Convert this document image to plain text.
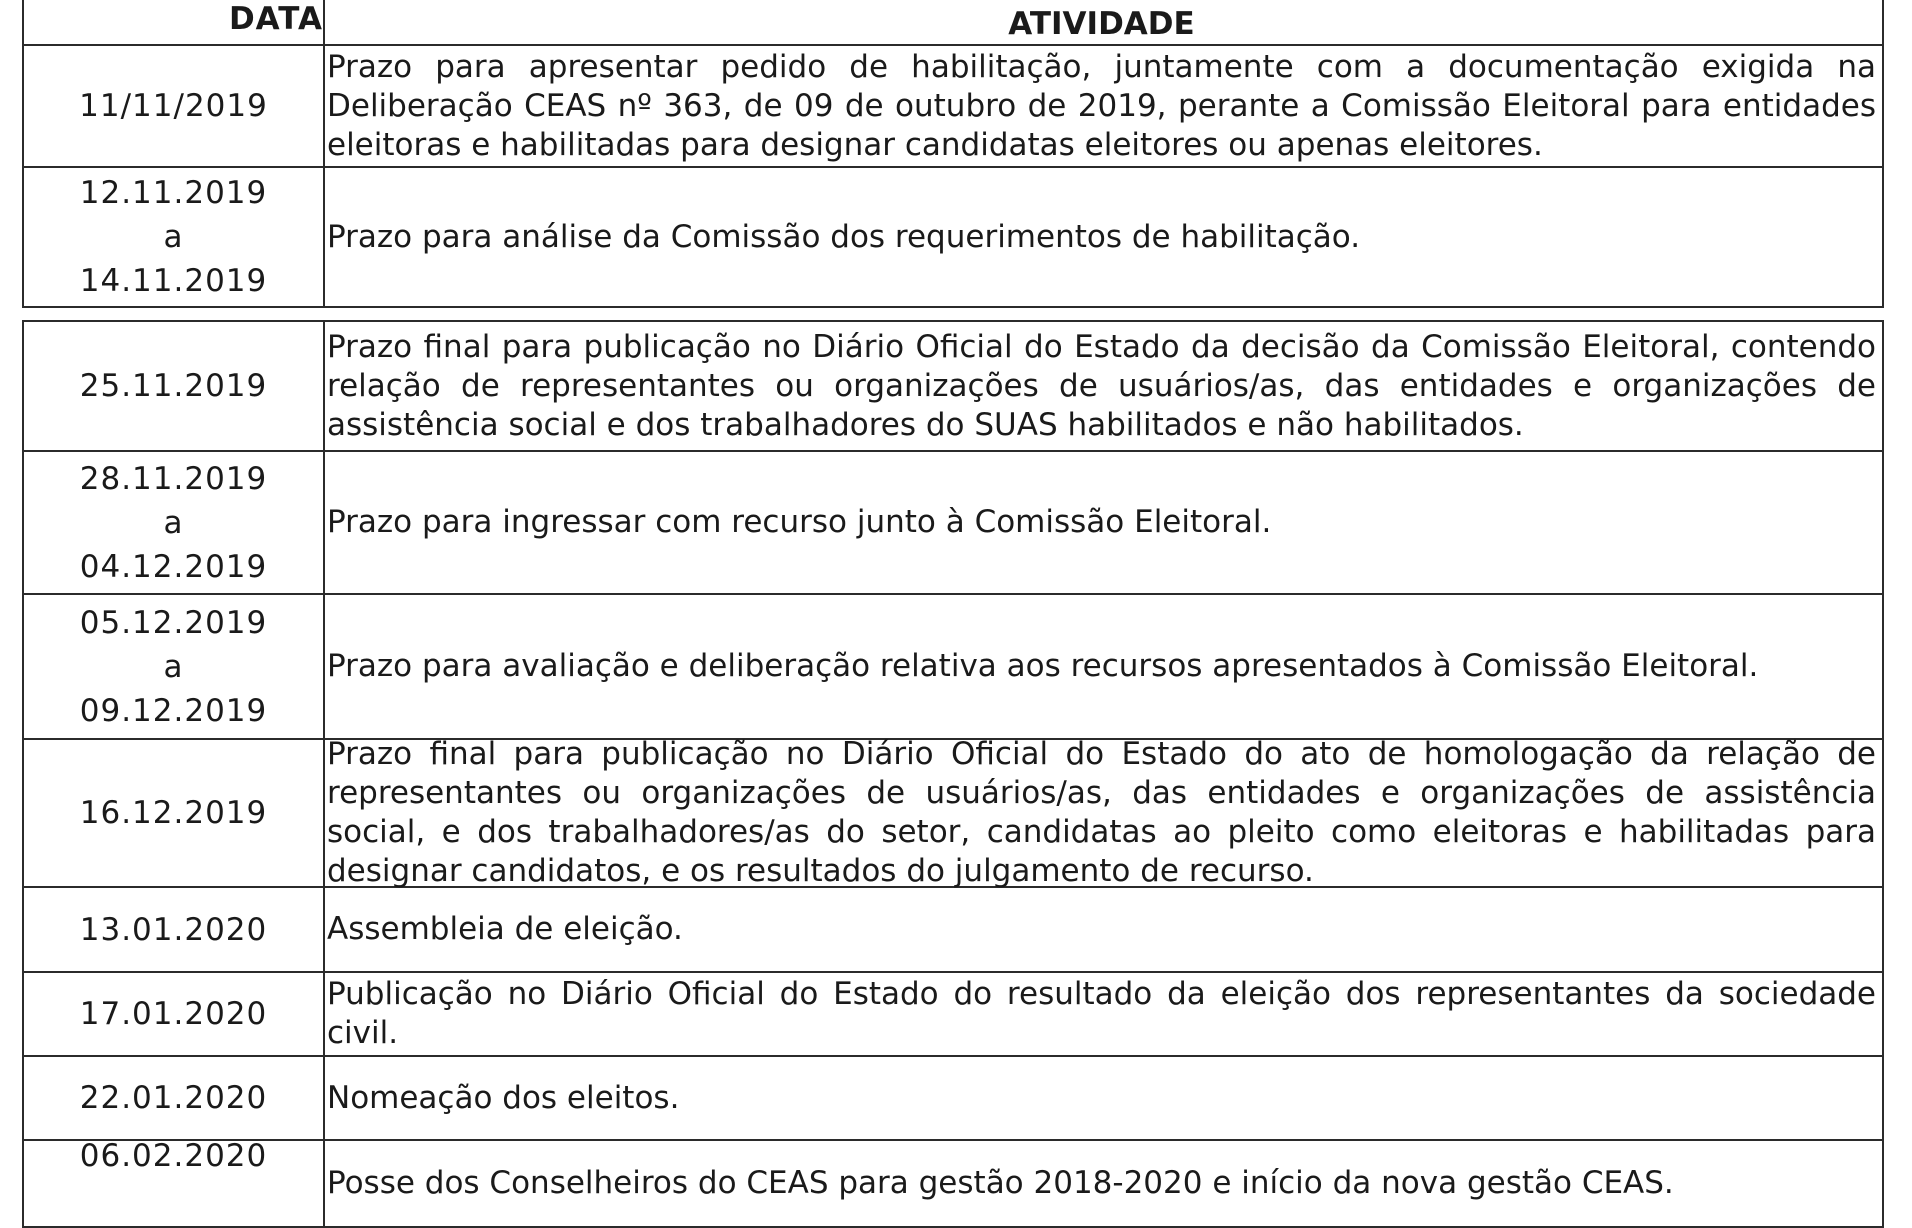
DATA	ATIVIDADE
11/11/2019
Prazo para apresentar pedido de habilitação, juntamente com a documentação exigida na Deliberação CEAS nº 363, de 09 de outubro de 2019, perante a Comissão Eleitoral para entidades eleitoras e habilitadas para designar candidatas eleitores ou apenas eleitores.
12.11.2019
a
14.11.2019
Prazo para análise da Comissão dos requerimentos de habilitação.
25.11.2019
Prazo final para publicação no Diário Oficial do Estado da decisão da Comissão Eleitoral, contendo relação de representantes ou organizações de usuários/as, das entidades e organizações de assistência social e dos trabalhadores do SUAS habilitados e não habilitados.
28.11.2019
a
04.12.2019
Prazo para ingressar com recurso junto à Comissão Eleitoral.
05.12.2019
a
09.12.2019
Prazo para avaliação e deliberação relativa aos recursos apresentados à Comissão Eleitoral.
16.12.2019
Prazo final para publicação no Diário Oficial do Estado do ato de homologação da relação de representantes ou organizações de usuários/as, das entidades e organizações de assistência social, e dos trabalhadores/as do setor, candidatas ao pleito como eleitoras e habilitadas para designar candidatos, e os resultados do julgamento de recurso.
13.01.2020 Assembleia de eleição.
17.01.2020
Publicação no Diário Oficial do Estado do resultado da eleição dos representantes da sociedade civil.
22.01.2020 Nomeação dos eleitos.
06.02.2020
Posse dos Conselheiros do CEAS para gestão 2018-2020 e início da nova gestão CEAS.
